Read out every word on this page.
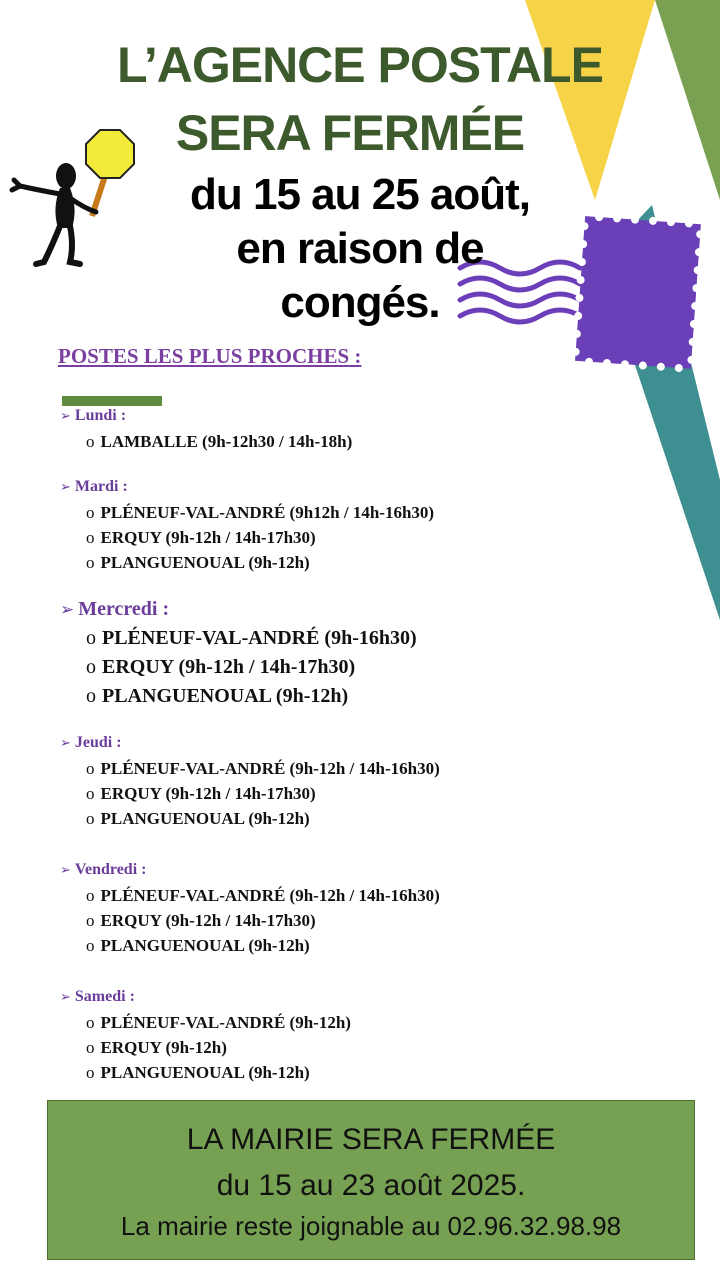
L’AGENCE POSTALE
SERA FERMÉE
du 15 au 25 août,
en raison de
congés.
POSTES LES PLUS PROCHES :
➢ Lundi :
o LAMBALLE (9h-12h30 / 14h-18h)
➢ Mardi :
o PLÉNEUF-VAL-ANDRÉ (9h12h / 14h-16h30)
o ERQUY (9h-12h / 14h-17h30)
o PLANGUENOUAL (9h-12h)
➢ Mercredi :
o PLÉNEUF-VAL-ANDRÉ (9h-16h30)
o ERQUY (9h-12h / 14h-17h30)
o PLANGUENOUAL (9h-12h)
➢ Jeudi :
o PLÉNEUF-VAL-ANDRÉ (9h-12h / 14h-16h30)
o ERQUY (9h-12h / 14h-17h30)
o PLANGUENOUAL (9h-12h)
➢ Vendredi :
o PLÉNEUF-VAL-ANDRÉ (9h-12h / 14h-16h30)
o ERQUY (9h-12h / 14h-17h30)
o PLANGUENOUAL (9h-12h)
➢ Samedi :
o PLÉNEUF-VAL-ANDRÉ (9h-12h)
o ERQUY (9h-12h)
o PLANGUENOUAL (9h-12h)
LA MAIRIE SERA FERMÉE
du 15 au 23 août 2025.
La mairie reste joignable au 02.96.32.98.98
